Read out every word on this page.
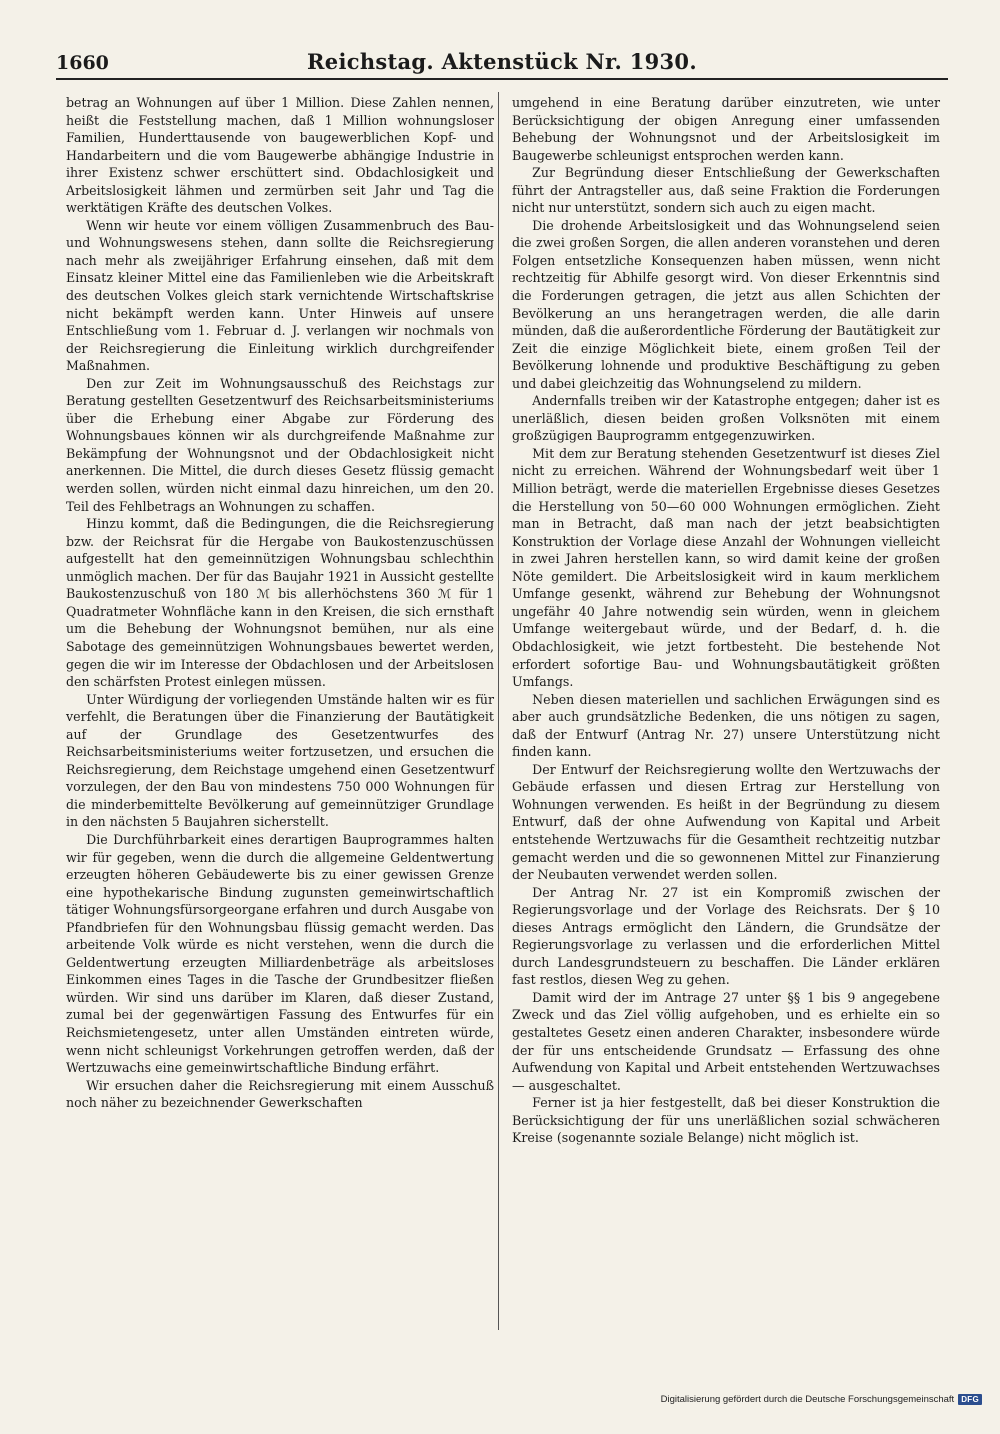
1660	Reichstag. Aktenstück Nr. 1930.

betrag an Wohnungen auf über 1 Million. Diese Zahlen nennen, heißt die Feststellung machen, daß 1 Million wohnungsloser Familien, Hunderttausende von baugewerblichen Kopf- und Handarbeitern und die vom Baugewerbe abhängige Industrie in ihrer Existenz schwer erschüttert sind. Obdachlosigkeit und Arbeitslosigkeit lähmen und zermürben seit Jahr und Tag die werktätigen Kräfte des deutschen Volkes.

Wenn wir heute vor einem völligen Zusammenbruch des Bau- und Wohnungswesens stehen, dann sollte die Reichsregierung nach mehr als zweijähriger Erfahrung einsehen, daß mit dem Einsatz kleiner Mittel eine das Familienleben wie die Arbeitskraft des deutschen Volkes gleich stark vernichtende Wirtschaftskrise nicht bekämpft werden kann. Unter Hinweis auf unsere Entschließung vom 1. Februar d. J. verlangen wir nochmals von der Reichsregierung die Einleitung wirklich durchgreifender Maßnahmen.

Den zur Zeit im Wohnungsausschuß des Reichstags zur Beratung gestellten Gesetzentwurf des Reichsarbeitsministeriums über die Erhebung einer Abgabe zur Förderung des Wohnungsbaues können wir als durchgreifende Maßnahme zur Bekämpfung der Wohnungsnot und der Obdachlosigkeit nicht anerkennen. Die Mittel, die durch dieses Gesetz flüssig gemacht werden sollen, würden nicht einmal dazu hinreichen, um den 20. Teil des Fehlbetrags an Wohnungen zu schaffen.

Hinzu kommt, daß die Bedingungen, die die Reichsregierung bzw. der Reichsrat für die Hergabe von Baukostenzuschüssen aufgestellt hat den gemeinnützigen Wohnungsbau schlechthin unmöglich machen. Der für das Baujahr 1921 in Aussicht gestellte Baukostenzuschuß von 180 ℳ bis allerhöchstens 360 ℳ für 1 Quadratmeter Wohnfläche kann in den Kreisen, die sich ernsthaft um die Behebung der Wohnungsnot bemühen, nur als eine Sabotage des gemeinnützigen Wohnungsbaues bewertet werden, gegen die wir im Interesse der Obdachlosen und der Arbeitslosen den schärfsten Protest einlegen müssen.

Unter Würdigung der vorliegenden Umstände halten wir es für verfehlt, die Beratungen über die Finanzierung der Bautätigkeit auf der Grundlage des Gesetzentwurfes des Reichsarbeitsministeriums weiter fortzusetzen, und ersuchen die Reichsregierung, dem Reichstage umgehend einen Gesetzentwurf vorzulegen, der den Bau von mindestens 750 000 Wohnungen für die minderbemittelte Bevölkerung auf gemeinnütziger Grundlage in den nächsten 5 Baujahren sicherstellt.

Die Durchführbarkeit eines derartigen Bauprogrammes halten wir für gegeben, wenn die durch die allgemeine Geldentwertung erzeugten höheren Gebäudewerte bis zu einer gewissen Grenze eine hypothekarische Bindung zugunsten gemeinwirtschaftlich tätiger Wohnungsfürsorgeorgane erfahren und durch Ausgabe von Pfandbriefen für den Wohnungsbau flüssig gemacht werden. Das arbeitende Volk würde es nicht verstehen, wenn die durch die Geldentwertung erzeugten Milliardenbeträge als arbeitsloses Einkommen eines Tages in die Tasche der Grundbesitzer fließen würden. Wir sind uns darüber im Klaren, daß dieser Zustand, zumal bei der gegenwärtigen Fassung des Entwurfes für ein Reichsmietengesetz, unter allen Umständen eintreten würde, wenn nicht schleunigst Vorkehrungen getroffen werden, daß der Wertzuwachs eine gemeinwirtschaftliche Bindung erfährt.

Wir ersuchen daher die Reichsregierung mit einem Ausschuß noch näher zu bezeichnender Gewerkschaften

umgehend in eine Beratung darüber einzutreten, wie unter Berücksichtigung der obigen Anregung einer umfassenden Behebung der Wohnungsnot und der Arbeitslosigkeit im Baugewerbe schleunigst entsprochen werden kann.

Zur Begründung dieser Entschließung der Gewerkschaften führt der Antragsteller aus, daß seine Fraktion die Forderungen nicht nur unterstützt, sondern sich auch zu eigen macht.

Die drohende Arbeitslosigkeit und das Wohnungselend seien die zwei großen Sorgen, die allen anderen voranstehen und deren Folgen entsetzliche Konsequenzen haben müssen, wenn nicht rechtzeitig für Abhilfe gesorgt wird. Von dieser Erkenntnis sind die Forderungen getragen, die jetzt aus allen Schichten der Bevölkerung an uns herangetragen werden, die alle darin münden, daß die außerordentliche Förderung der Bautätigkeit zur Zeit die einzige Möglichkeit biete, einem großen Teil der Bevölkerung lohnende und produktive Beschäftigung zu geben und dabei gleichzeitig das Wohnungselend zu mildern.

Andernfalls treiben wir der Katastrophe entgegen; daher ist es unerläßlich, diesen beiden großen Volksnöten mit einem großzügigen Bauprogramm entgegenzuwirken.

Mit dem zur Beratung stehenden Gesetzentwurf ist dieses Ziel nicht zu erreichen. Während der Wohnungsbedarf weit über 1 Million beträgt, werde die materiellen Ergebnisse dieses Gesetzes die Herstellung von 50—60 000 Wohnungen ermöglichen. Zieht man in Betracht, daß man nach der jetzt beabsichtigten Konstruktion der Vorlage diese Anzahl der Wohnungen vielleicht in zwei Jahren herstellen kann, so wird damit keine der großen Nöte gemildert. Die Arbeitslosigkeit wird in kaum merklichem Umfange gesenkt, während zur Behebung der Wohnungsnot ungefähr 40 Jahre notwendig sein würden, wenn in gleichem Umfange weitergebaut würde, und der Bedarf, d. h. die Obdachlosigkeit, wie jetzt fortbesteht. Die bestehende Not erfordert sofortige Bau- und Wohnungsbautätigkeit größten Umfangs.

Neben diesen materiellen und sachlichen Erwägungen sind es aber auch grundsätzliche Bedenken, die uns nötigen zu sagen, daß der Entwurf (Antrag Nr. 27) unsere Unterstützung nicht finden kann.

Der Entwurf der Reichsregierung wollte den Wertzuwachs der Gebäude erfassen und diesen Ertrag zur Herstellung von Wohnungen verwenden. Es heißt in der Begründung zu diesem Entwurf, daß der ohne Aufwendung von Kapital und Arbeit entstehende Wertzuwachs für die Gesamtheit rechtzeitig nutzbar gemacht werden und die so gewonnenen Mittel zur Finanzierung der Neubauten verwendet werden sollen.

Der Antrag Nr. 27 ist ein Kompromiß zwischen der Regierungsvorlage und der Vorlage des Reichsrats. Der § 10 dieses Antrags ermöglicht den Ländern, die Grundsätze der Regierungsvorlage zu verlassen und die erforderlichen Mittel durch Landesgrundsteuern zu beschaffen. Die Länder erklären fast restlos, diesen Weg zu gehen.

Damit wird der im Antrage 27 unter §§ 1 bis 9 angegebene Zweck und das Ziel völlig aufgehoben, und es erhielte ein so gestaltetes Gesetz einen anderen Charakter, insbesondere würde der für uns entscheidende Grundsatz — Erfassung des ohne Aufwendung von Kapital und Arbeit entstehenden Wertzuwachses — ausgeschaltet.

Ferner ist ja hier festgestellt, daß bei dieser Konstruktion die Berücksichtigung der für uns unerläßlichen sozial schwächeren Kreise (sogenannte soziale Belange) nicht möglich ist.

Digitalisierung gefördert durch die Deutsche Forschungsgemeinschaft DFG
